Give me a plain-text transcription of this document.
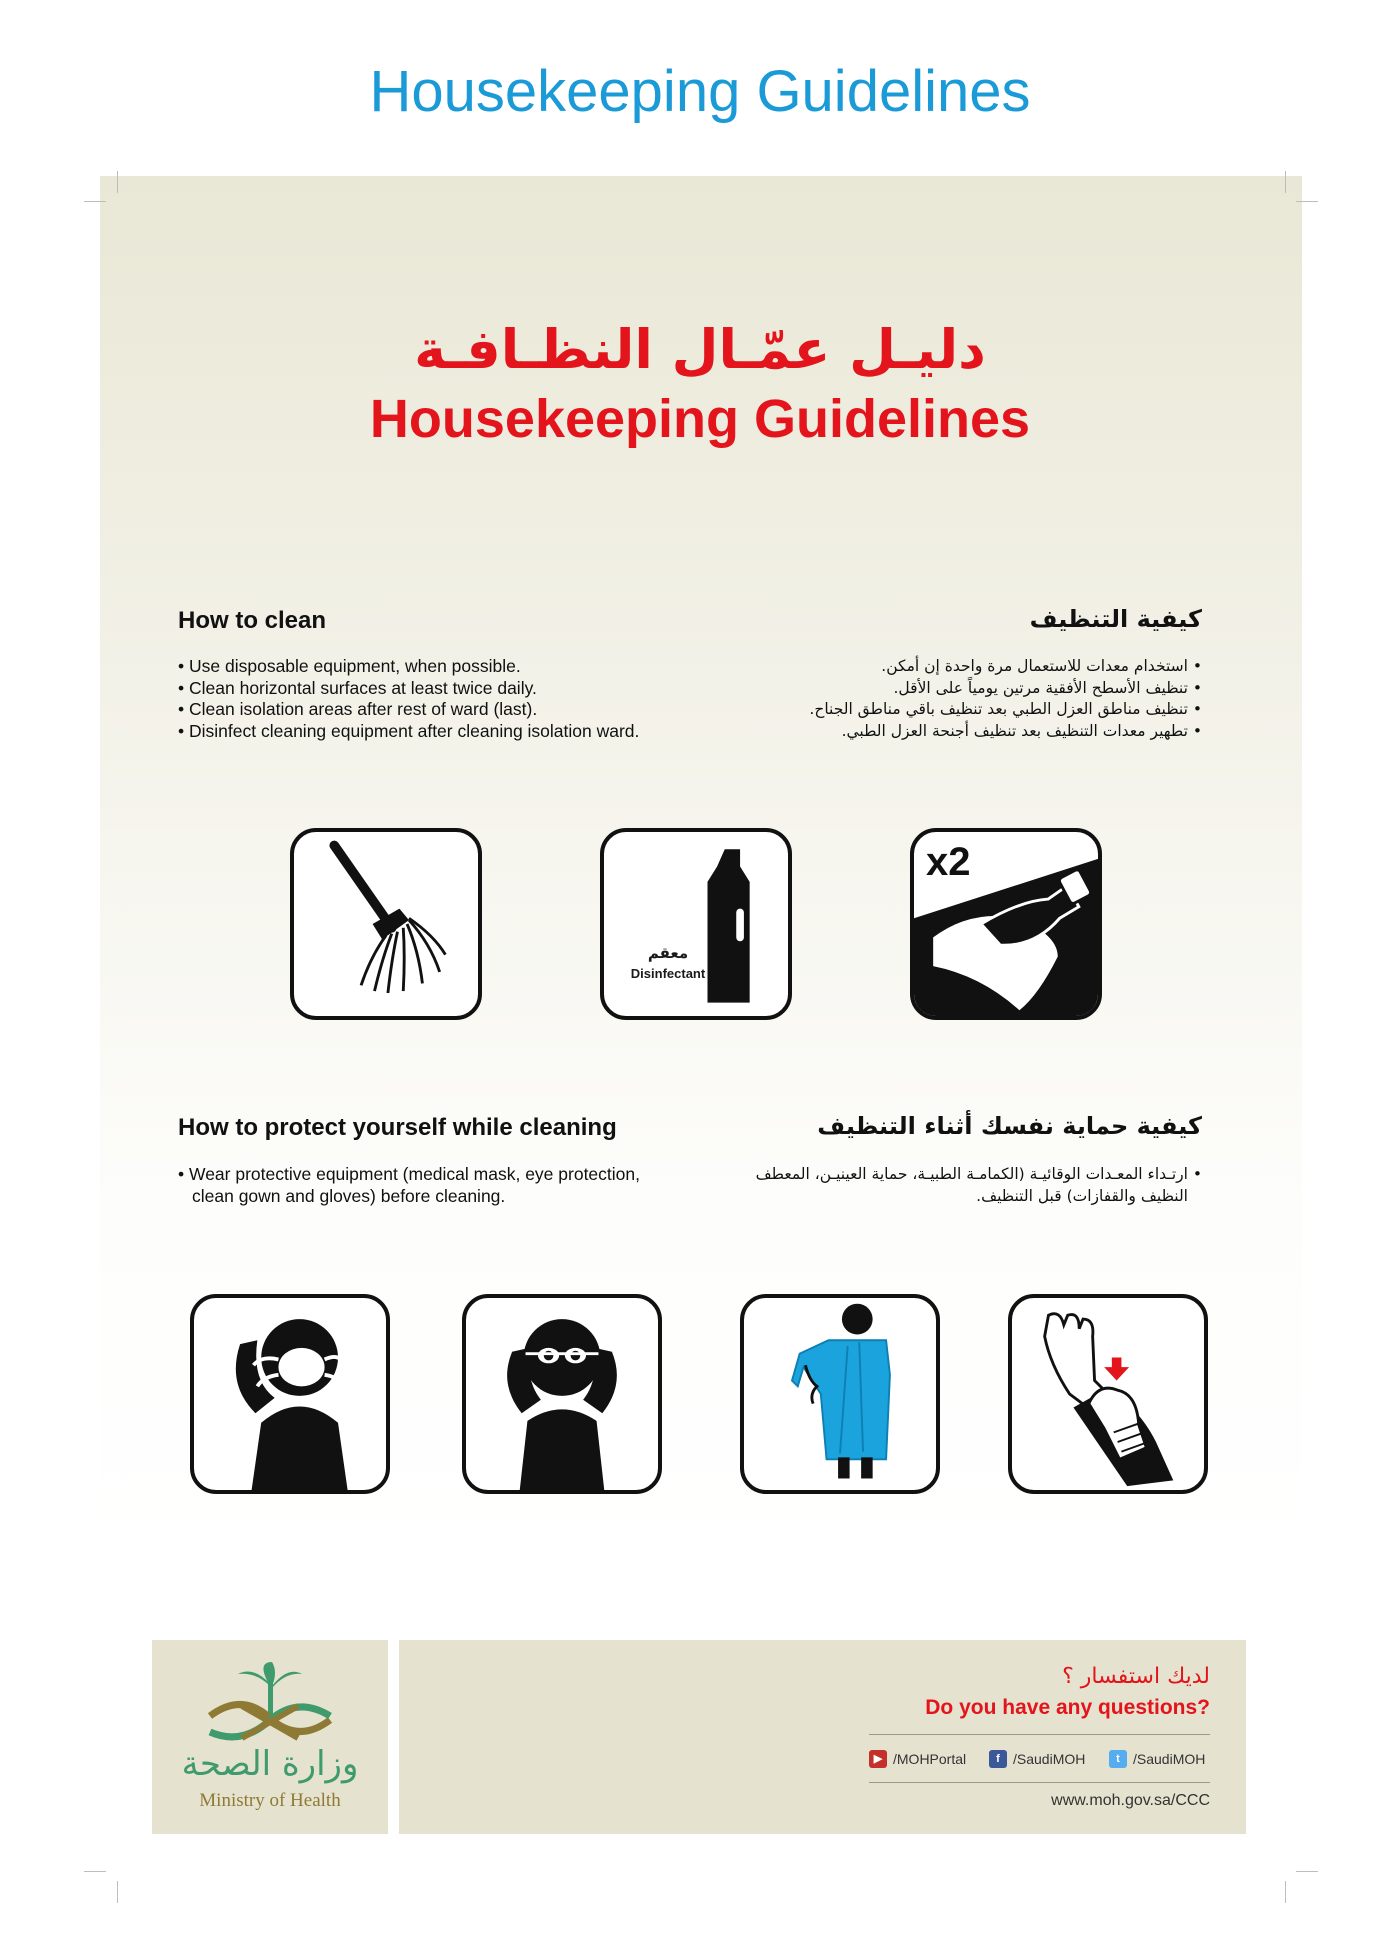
Housekeeping Guidelines
دليـل عمّـال النظـافـة
Housekeeping Guidelines
How to clean	كيفية التنظيف
• Use disposable equipment, when possible.
• Clean horizontal surfaces at least twice daily.
• Clean isolation areas after rest of ward (last).
• Disinfect cleaning equipment after cleaning isolation ward.
• استخدام معدات للاستعمال مرة واحدة إن أمكن.
• تنظيف الأسطح الأفقية مرتين يومياً على الأقل.
• تنظيف مناطق العزل الطبي بعد تنظيف باقي مناطق الجناح.
• تطهير معدات التنظيف بعد تنظيف أجنحة العزل الطبي.
معقم
Disinfectant
x2
How to protect yourself while cleaning	كيفية حماية نفسك أثناء التنظيف
• Wear protective equipment (medical mask, eye protection, clean gown and gloves) before cleaning.
• ارتـداء المعـدات الوقائيـة (الكمامـة الطبيـة، حماية العينيـن، المعطف النظيف والقفازات) قبل التنظيف.
وزارة الصحة
Ministry of Health
لديك استفسار ؟
Do you have any questions?
▶ /MOHPortal	f /SaudiMOH	t /SaudiMOH
www.moh.gov.sa/CCC
